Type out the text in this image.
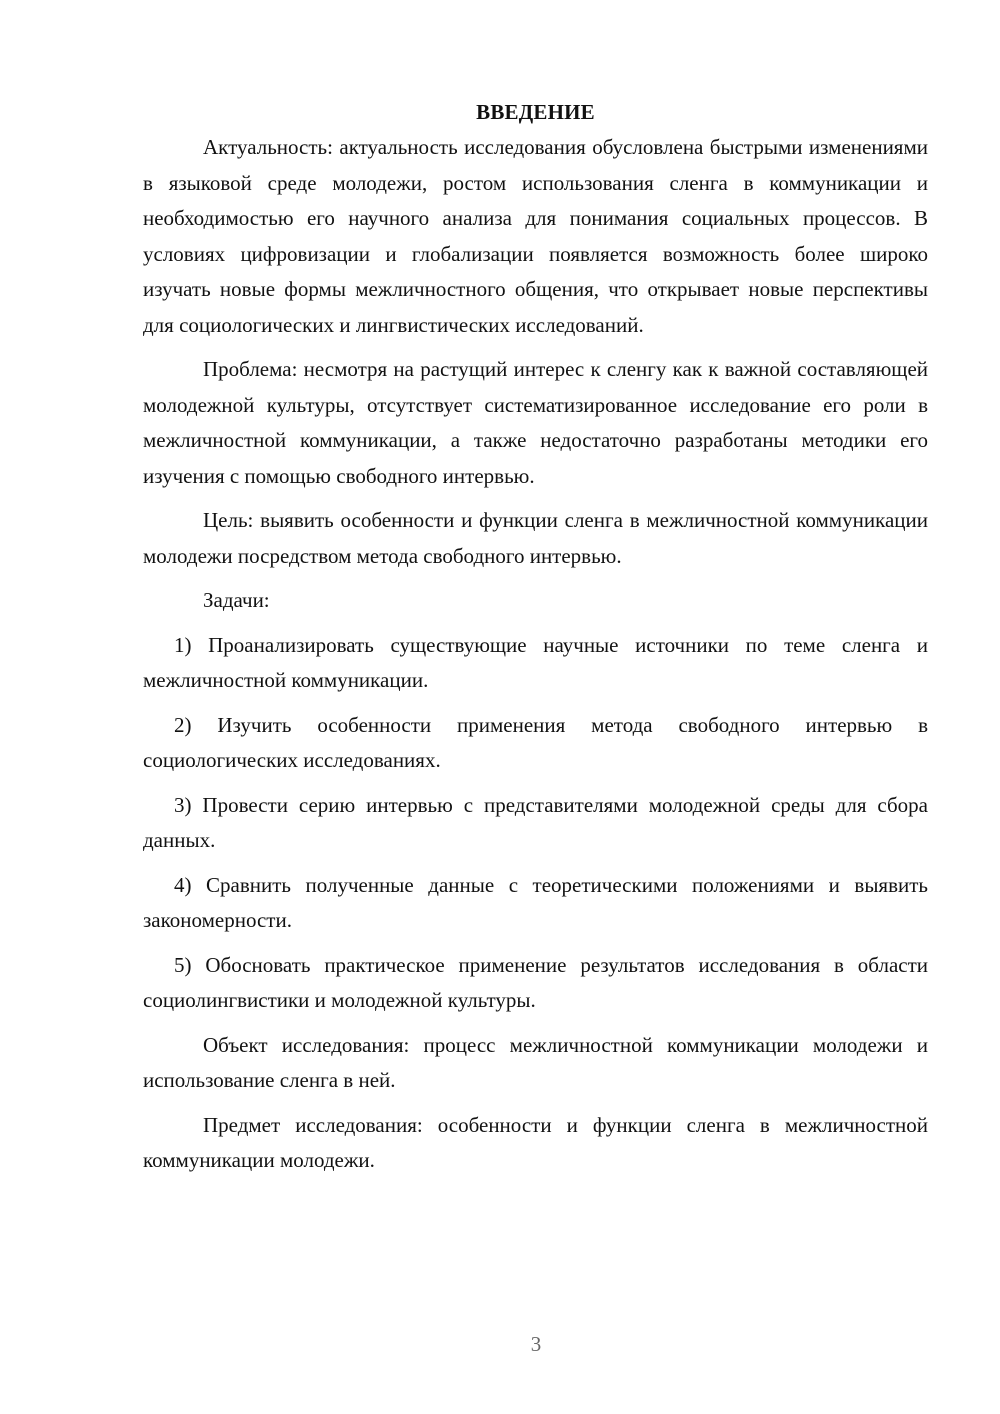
ВВЕДЕНИЕ

Актуальность: актуальность исследования обусловлена быстрыми изменениями в языковой среде молодежи, ростом использования сленга в коммуникации и необходимостью его научного анализа для понимания социальных процессов. В условиях цифровизации и глобализации появляется возможность более широко изучать новые формы межличностного общения, что открывает новые перспективы для социологических и лингвистических исследований.

Проблема: несмотря на растущий интерес к сленгу как к важной составляющей молодежной культуры, отсутствует систематизированное исследование его роли в межличностной коммуникации, а также недостаточно разработаны методики его изучения с помощью свободного интервью.

Цель: выявить особенности и функции сленга в межличностной коммуникации молодежи посредством метода свободного интервью.

Задачи:

1) Проанализировать существующие научные источники по теме сленга и межличностной коммуникации.

2) Изучить особенности применения метода свободного интервью в социологических исследованиях.

3) Провести серию интервью с представителями молодежной среды для сбора данных.

4) Сравнить полученные данные с теоретическими положениями и выявить закономерности.

5) Обосновать практическое применение результатов исследования в области социолингвистики и молодежной культуры.

Объект исследования: процесс межличностной коммуникации молодежи и использование сленга в ней.

Предмет исследования: особенности и функции сленга в межличностной коммуникации молодежи.

3
